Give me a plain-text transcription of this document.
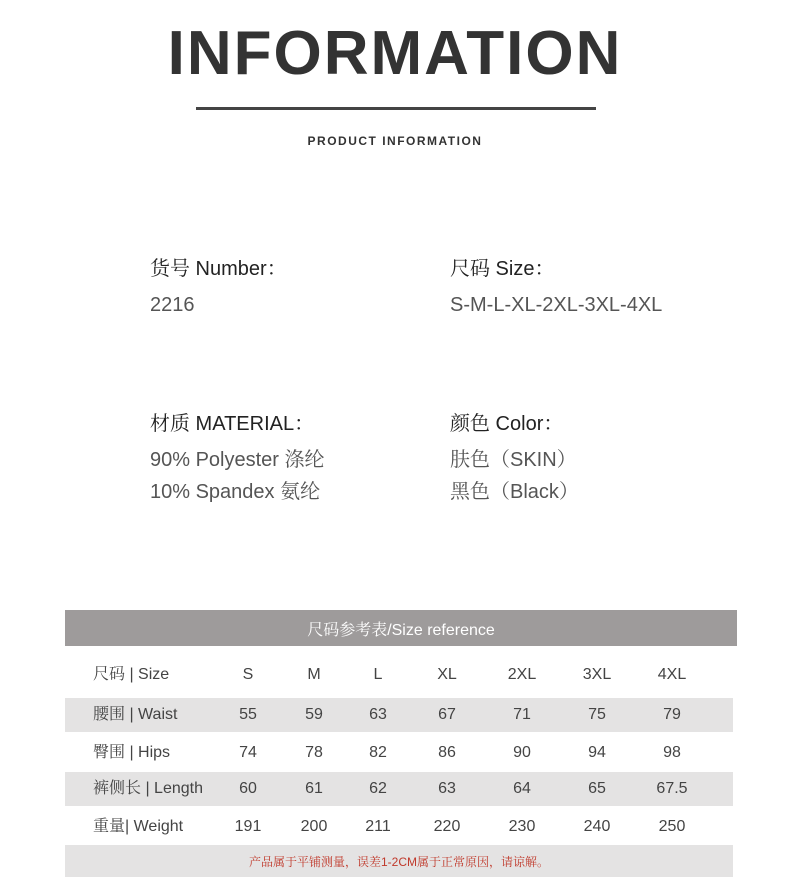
INFORMATION
PRODUCT INFORMATION
货号 Number：
2216
尺码 Size：
S-M-L-XL-2XL-3XL-4XL
材质 MATERIAL：
90% Polyester 涤纶
10% Spandex 氨纶
颜色 Color：
肤色（SKIN）
黑色（Black）
尺码参考表/Size reference
尺码 | Size	S	M	L	XL	2XL	3XL	4XL
腰围 | Waist	55	59	63	67	71	75	79
臀围 | Hips	74	78	82	86	90	94	98
裤侧长 | Length	60	61	62	63	64	65	67.5
重量| Weight	191	200	211	220	230	240	250
产品属于平铺测量，误差1-2CM属于正常原因，请谅解。
